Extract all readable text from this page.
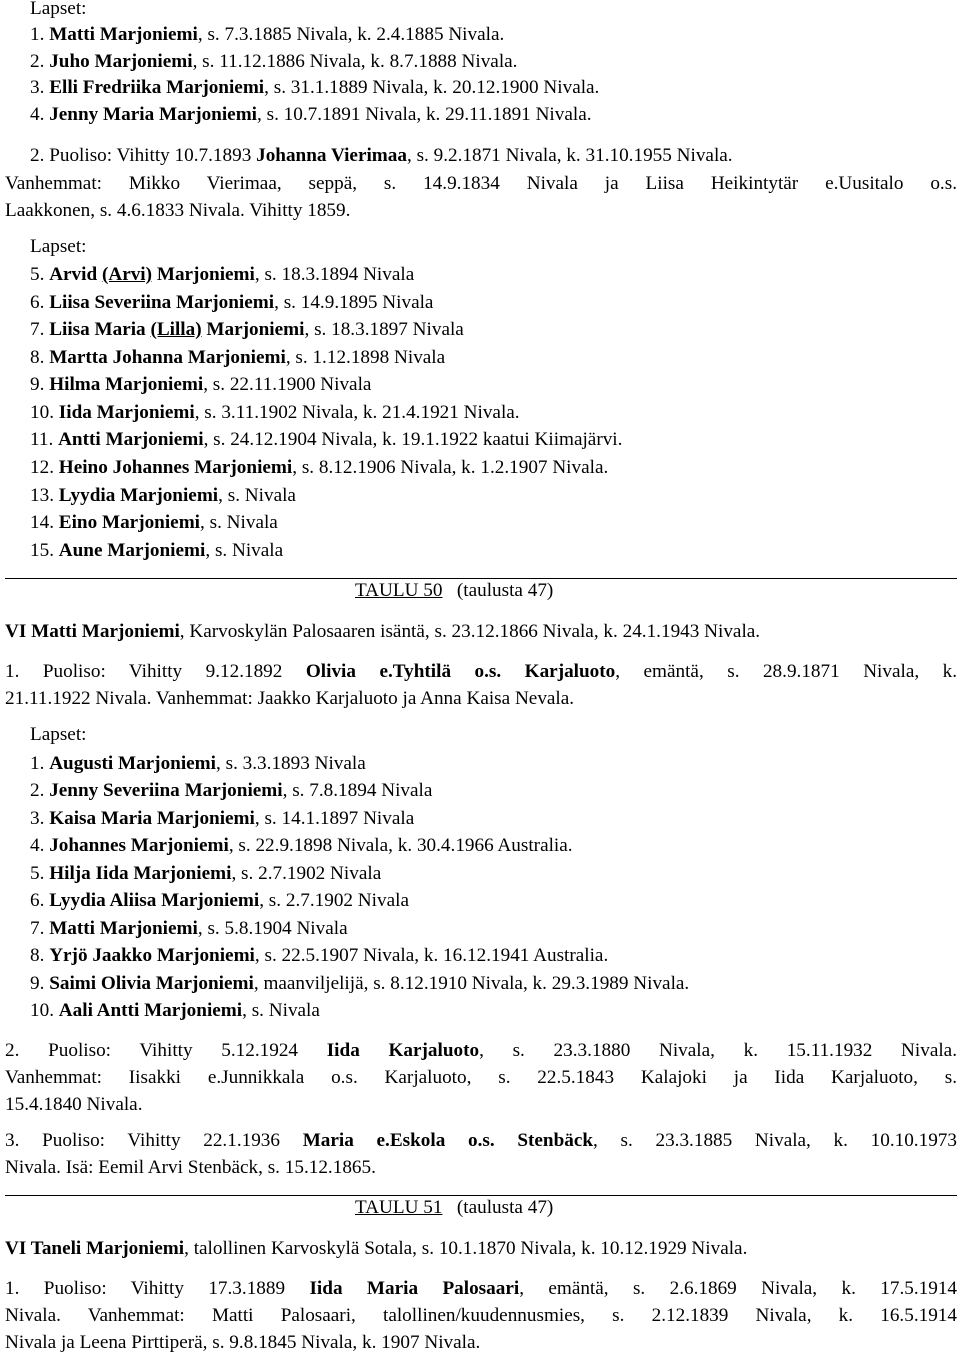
Lapset:
1. Matti Marjoniemi, s. 7.3.1885 Nivala, k. 2.4.1885 Nivala.
2. Juho Marjoniemi, s. 11.12.1886 Nivala, k. 8.7.1888 Nivala.
3. Elli Fredriika Marjoniemi, s. 31.1.1889 Nivala, k. 20.12.1900 Nivala.
4. Jenny Maria Marjoniemi, s. 10.7.1891 Nivala, k. 29.11.1891 Nivala.
2. Puoliso: Vihitty 10.7.1893 Johanna Vierimaa, s. 9.2.1871 Nivala, k. 31.10.1955 Nivala.
Vanhemmat: Mikko Vierimaa, seppä, s. 14.9.1834 Nivala ja Liisa Heikintytär e.Uusitalo o.s.
Laakkonen, s. 4.6.1833 Nivala. Vihitty 1859.
Lapset:
5. Arvid (Arvi) Marjoniemi, s. 18.3.1894 Nivala
6. Liisa Severiina Marjoniemi, s. 14.9.1895 Nivala
7. Liisa Maria (Lilla) Marjoniemi, s. 18.3.1897 Nivala
8. Martta Johanna Marjoniemi, s. 1.12.1898 Nivala
9. Hilma Marjoniemi, s. 22.11.1900 Nivala
10. Iida Marjoniemi, s. 3.11.1902 Nivala, k. 21.4.1921 Nivala.
11. Antti Marjoniemi, s. 24.12.1904 Nivala, k. 19.1.1922 kaatui Kiimajärvi.
12. Heino Johannes Marjoniemi, s. 8.12.1906 Nivala, k. 1.2.1907 Nivala.
13. Lyydia Marjoniemi, s. Nivala
14. Eino Marjoniemi, s. Nivala
15. Aune Marjoniemi, s. Nivala
TAULU 50 (taulusta 47)
VI Matti Marjoniemi, Karvoskylän Palosaaren isäntä, s. 23.12.1866 Nivala, k. 24.1.1943 Nivala.
1. Puoliso: Vihitty 9.12.1892 Olivia e.Tyhtilä o.s. Karjaluoto, emäntä, s. 28.9.1871 Nivala, k.
21.11.1922 Nivala. Vanhemmat: Jaakko Karjaluoto ja Anna Kaisa Nevala.
Lapset:
1. Augusti Marjoniemi, s. 3.3.1893 Nivala
2. Jenny Severiina Marjoniemi, s. 7.8.1894 Nivala
3. Kaisa Maria Marjoniemi, s. 14.1.1897 Nivala
4. Johannes Marjoniemi, s. 22.9.1898 Nivala, k. 30.4.1966 Australia.
5. Hilja Iida Marjoniemi, s. 2.7.1902 Nivala
6. Lyydia Aliisa Marjoniemi, s. 2.7.1902 Nivala
7. Matti Marjoniemi, s. 5.8.1904 Nivala
8. Yrjö Jaakko Marjoniemi, s. 22.5.1907 Nivala, k. 16.12.1941 Australia.
9. Saimi Olivia Marjoniemi, maanviljelijä, s. 8.12.1910 Nivala, k. 29.3.1989 Nivala.
10. Aali Antti Marjoniemi, s. Nivala
2. Puoliso: Vihitty 5.12.1924 Iida Karjaluoto, s. 23.3.1880 Nivala, k. 15.11.1932 Nivala.
Vanhemmat: Iisakki e.Junnikkala o.s. Karjaluoto, s. 22.5.1843 Kalajoki ja Iida Karjaluoto, s.
15.4.1840 Nivala.
3. Puoliso: Vihitty 22.1.1936 Maria e.Eskola o.s. Stenbäck, s. 23.3.1885 Nivala, k. 10.10.1973
Nivala. Isä: Eemil Arvi Stenbäck, s. 15.12.1865.
TAULU 51 (taulusta 47)
VI Taneli Marjoniemi, talollinen Karvoskylä Sotala, s. 10.1.1870 Nivala, k. 10.12.1929 Nivala.
1. Puoliso: Vihitty 17.3.1889 Iida Maria Palosaari, emäntä, s. 2.6.1869 Nivala, k. 17.5.1914
Nivala. Vanhemmat: Matti Palosaari, talollinen/kuudennusmies, s. 2.12.1839 Nivala, k. 16.5.1914
Nivala ja Leena Pirttiperä, s. 9.8.1845 Nivala, k. 1907 Nivala.
